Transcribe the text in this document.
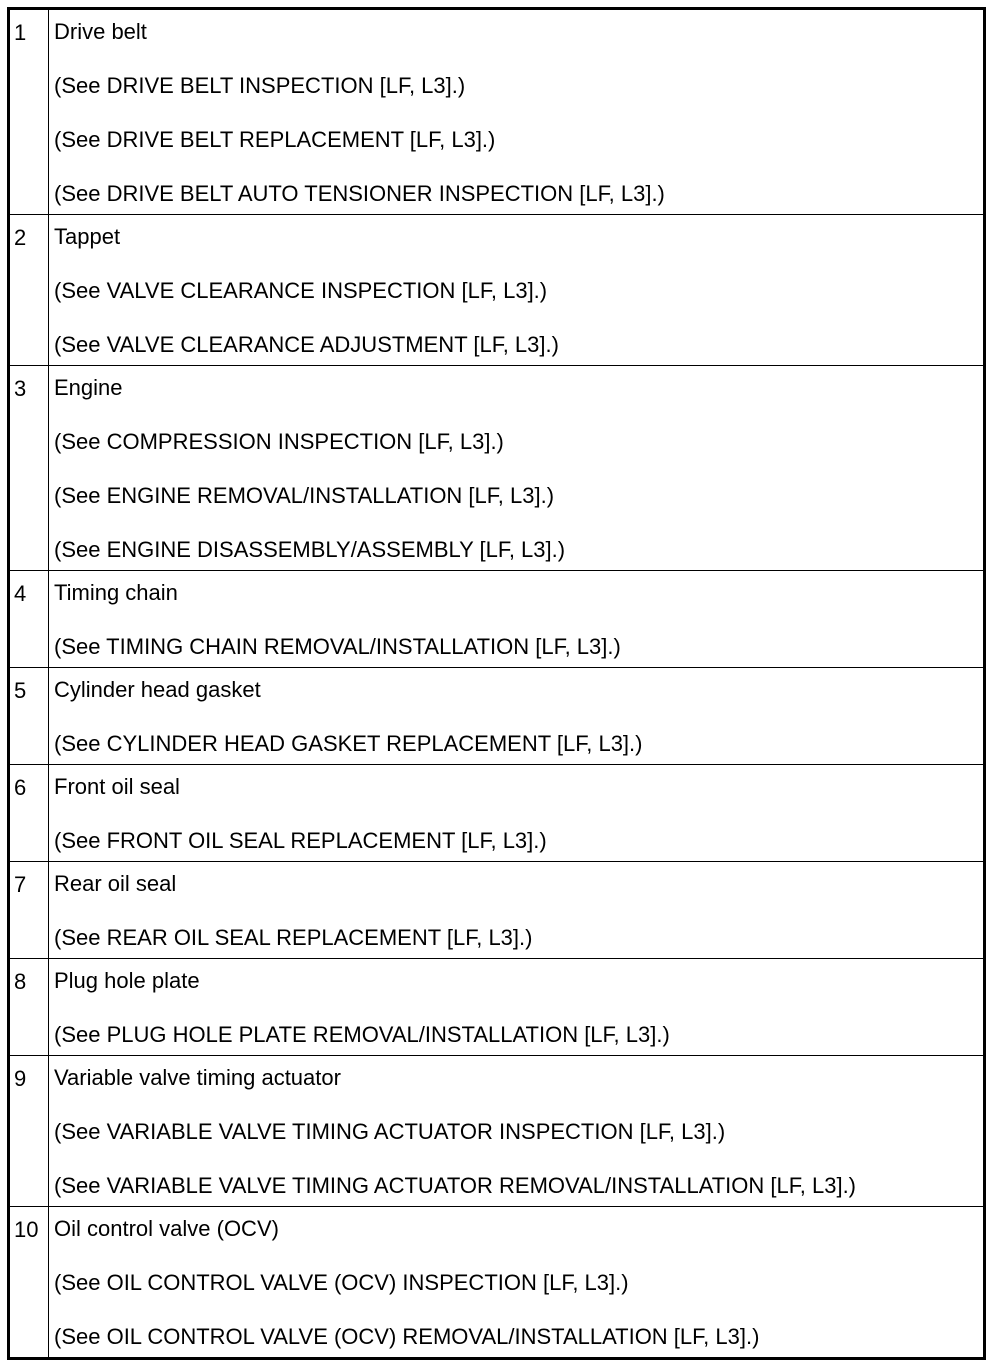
1	Drive belt
(See DRIVE BELT INSPECTION [LF, L3].)
(See DRIVE BELT REPLACEMENT [LF, L3].)
(See DRIVE BELT AUTO TENSIONER INSPECTION [LF, L3].)

2	Tappet
(See VALVE CLEARANCE INSPECTION [LF, L3].)
(See VALVE CLEARANCE ADJUSTMENT [LF, L3].)

3	Engine
(See COMPRESSION INSPECTION [LF, L3].)
(See ENGINE REMOVAL/INSTALLATION [LF, L3].)
(See ENGINE DISASSEMBLY/ASSEMBLY [LF, L3].)

4	Timing chain
(See TIMING CHAIN REMOVAL/INSTALLATION [LF, L3].)

5	Cylinder head gasket
(See CYLINDER HEAD GASKET REPLACEMENT [LF, L3].)

6	Front oil seal
(See FRONT OIL SEAL REPLACEMENT [LF, L3].)

7	Rear oil seal
(See REAR OIL SEAL REPLACEMENT [LF, L3].)

8	Plug hole plate
(See PLUG HOLE PLATE REMOVAL/INSTALLATION [LF, L3].)

9	Variable valve timing actuator
(See VARIABLE VALVE TIMING ACTUATOR INSPECTION [LF, L3].)
(See VARIABLE VALVE TIMING ACTUATOR REMOVAL/INSTALLATION [LF, L3].)

10	Oil control valve (OCV)
(See OIL CONTROL VALVE (OCV) INSPECTION [LF, L3].)
(See OIL CONTROL VALVE (OCV) REMOVAL/INSTALLATION [LF, L3].)
